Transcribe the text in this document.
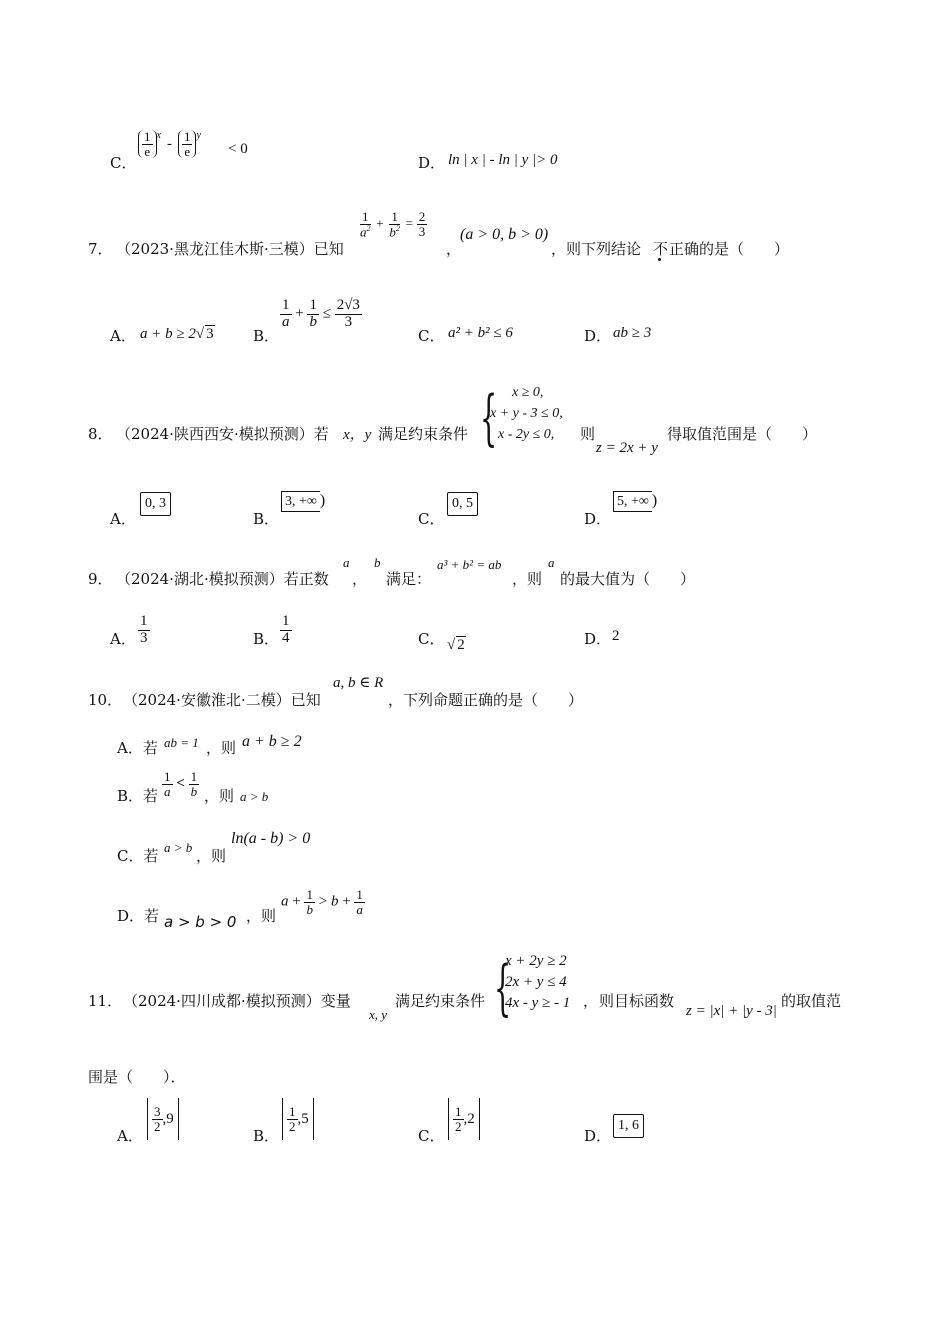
C．
$\frac{1}{e} ^x$
- $\frac{1}{e} ^y$
< 0
D． ln | x | - ln | y |> 0
7． （2023·黑龙江佳木斯·三模）已知
$\frac{1}{a^2} + \frac{1}{b^2} = \frac{2}{3}$
，
(a > 0, b > 0)
，则下列结论 不 正确的是（　　）
A． a + b ≥ 2√ 3	B．
$\frac{1}{a} + \frac{1}{b} \le \frac{2√3}{3}$
C． a² + b² ≤ 6	D． ab ≥ 3
8． （2024·陕西西安·模拟预测）若 x，y 满足约束条件 {	x ≥ 0,
x + y - 3 ≤ 0,
x - 2y ≤ 0,	则
z = 2x + y
得取值范围是（　　）
A．
0, 3
B．
3, +∞ )
C．
0, 5
D．
5, +∞ )
9． （2024·湖北·模拟预测）若正数
a
，
b
满足：
a³ + b² = ab
，则
a
的最大值为（　　）
A． $\frac{1}{3}$	B． $\frac{1}{4}$	C． √ 2	D． 2
10． （2024·安徽淮北·二模）已知
a, b ∈ R
，下列命题正确的是（　　）
A．若 ab = 1 ，则 a + b ≥ 2
B．若 $\frac{1}{a} < \frac{1}{b}$ ，则 a > b
C．若 a > b ，则
ln(a - b) > 0
D．若 a > b > 0 ，则
$a + \frac{1}{b} > b + \frac{1}{a}$
11． （2024·四川成都·模拟预测）变量
x, y
满足约束条件 {
x + 2y ≥ 2
2x + y ≤ 4
4x - y ≥ - 1 ， 则目标函数
z = |x| + |y - 3|
的取值范
围是（　　）．
A．
$\frac{3}{2} ,9$
B．
$\frac{1}{2} ,5$
C．
$\frac{1}{2} ,2$
D．
1, 6
